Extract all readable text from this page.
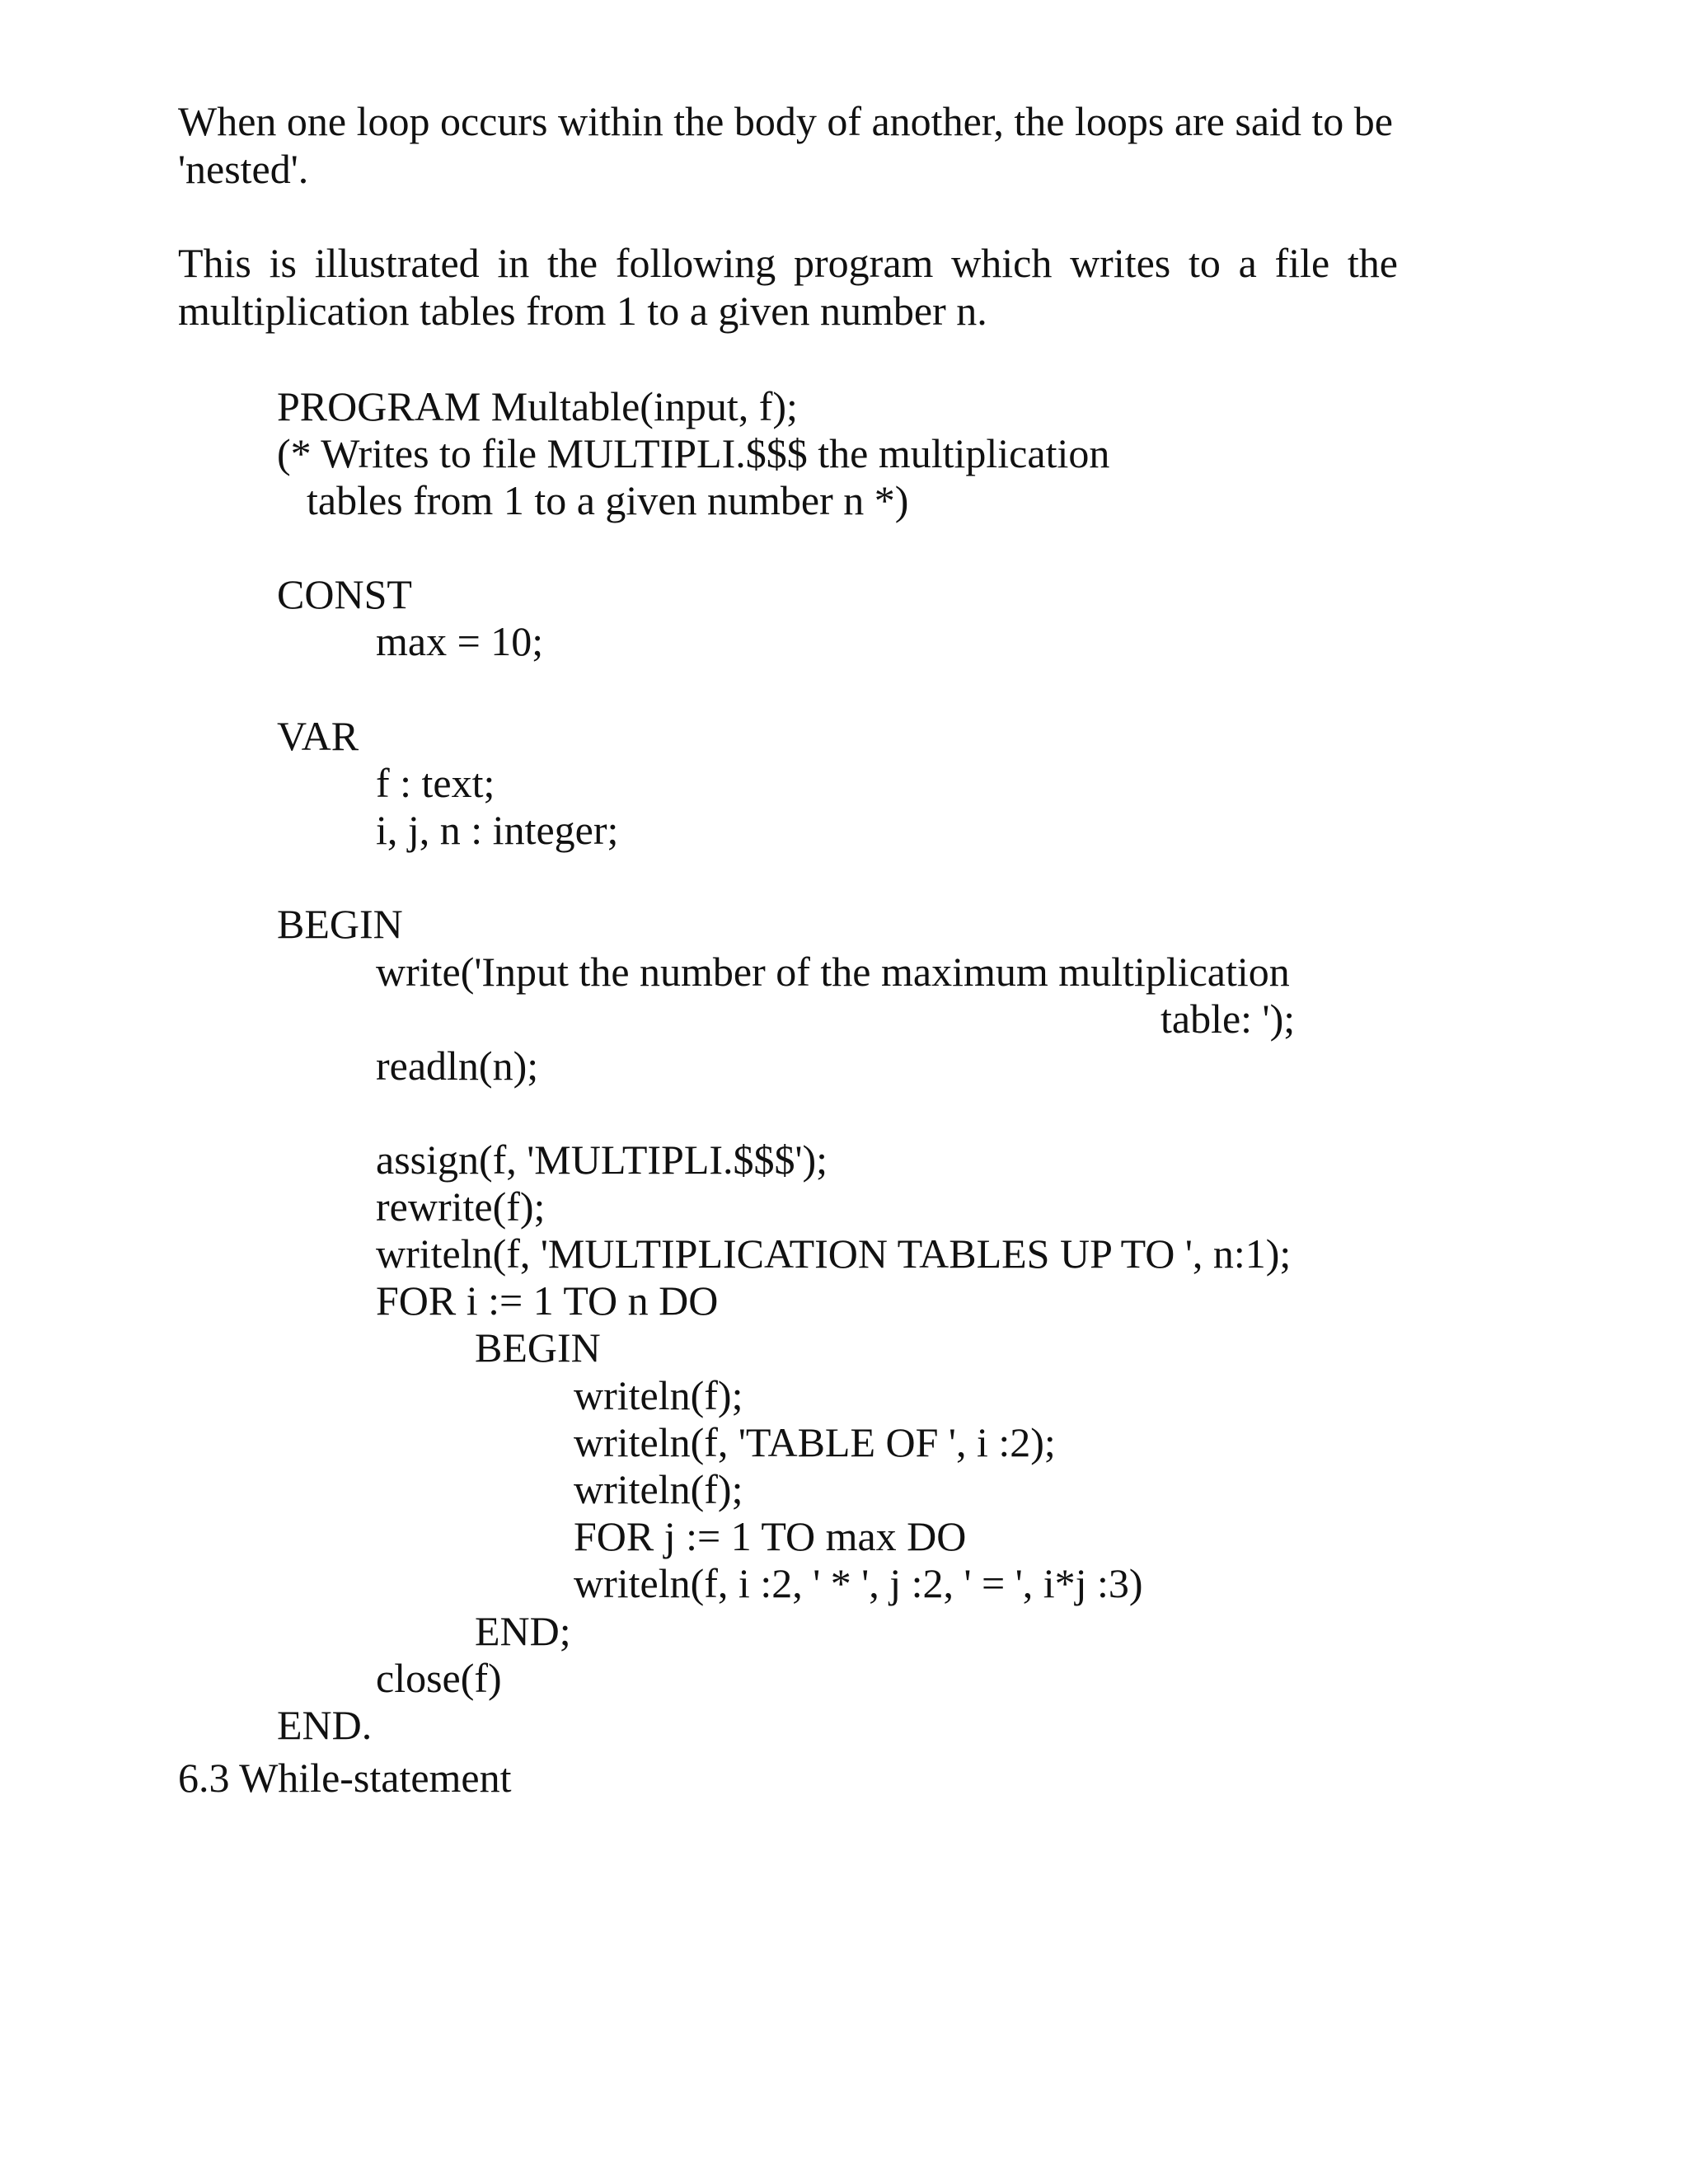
When one loop occurs within the body of another, the loops are said to be
'nested'.
This is illustrated in the following program which writes to a file the
multiplication tables from 1 to a given number n.
PROGRAM Multable(input, f);
(* Writes to file MULTIPLI.$$$ the multiplication
tables from 1 to a given number n *)
CONST
max = 10;
VAR
f : text;
i, j, n : integer;
BEGIN
write('Input the number of the maximum multiplication
table: ');
readln(n);
assign(f, 'MULTIPLI.$$$');
rewrite(f);
writeln(f, 'MULTIPLICATION TABLES UP TO ', n:1);
FOR i := 1 TO n DO
BEGIN
writeln(f);
writeln(f, 'TABLE OF ', i :2);
writeln(f);
FOR j := 1 TO max DO
writeln(f, i :2, ' * ', j :2, ' = ', i*j :3)
END;
close(f)
END.
6.3 While-statement
